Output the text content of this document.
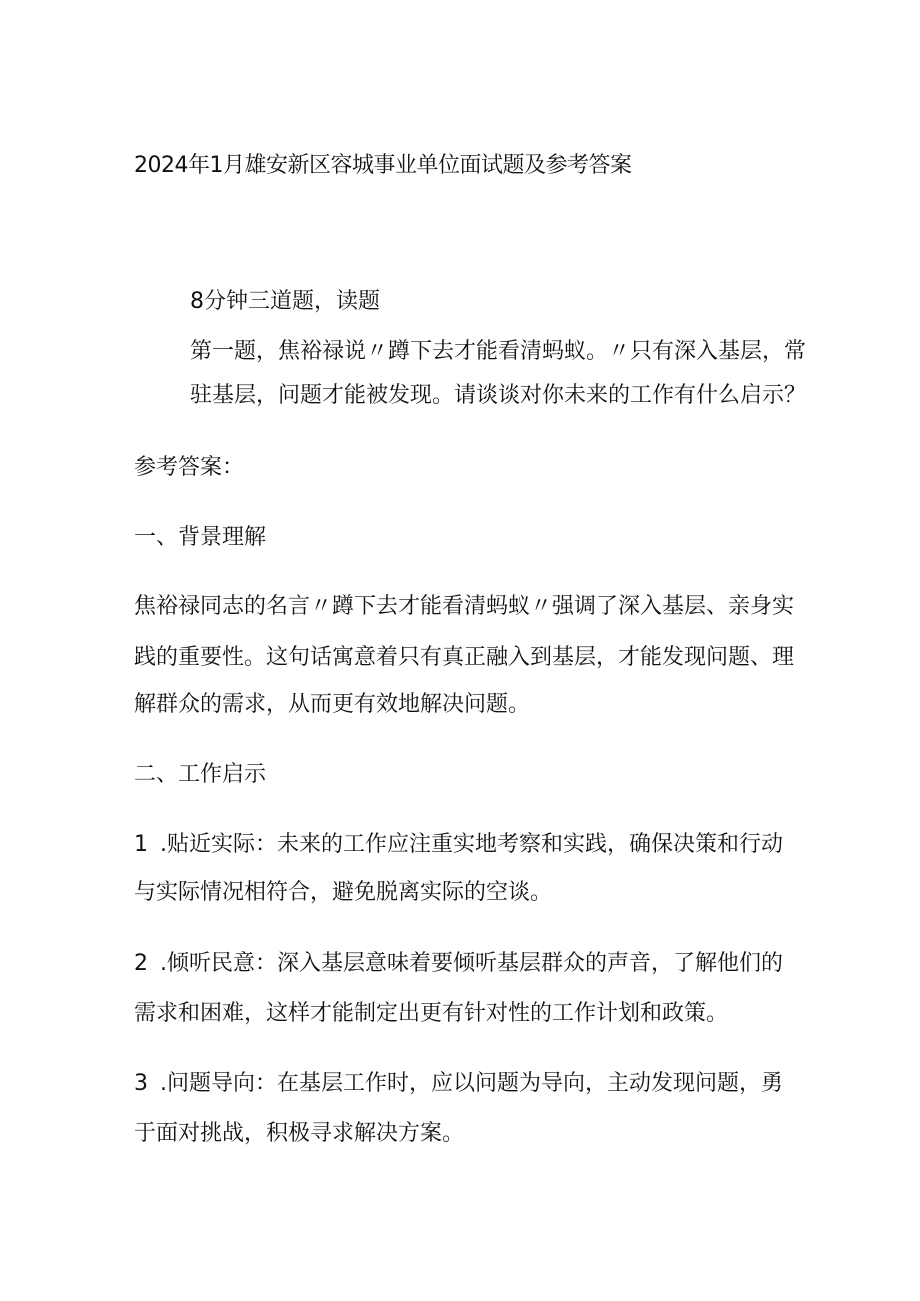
2024年1月雄安新区容城事业单位面试题及参考答案
8分钟三道题，读题
第一题，焦裕禄说〃蹲下去才能看清蚂蚁。〃只有深入基层，常
驻基层，问题才能被发现。请谈谈对你未来的工作有什么启示？
参考答案：
一、背景理解
焦裕禄同志的名言〃蹲下去才能看清蚂蚁〃强调了深入基层、亲身实
践的重要性。这句话寓意着只有真正融入到基层，才能发现问题、理
解群众的需求，从而更有效地解决问题。
二、工作启示
1 .贴近实际：未来的工作应注重实地考察和实践，确保决策和行动
与实际情况相符合，避免脱离实际的空谈。
2 .倾听民意：深入基层意味着要倾听基层群众的声音，了解他们的
需求和困难，这样才能制定出更有针对性的工作计划和政策。
3 .问题导向：在基层工作时，应以问题为导向，主动发现问题，勇
于面对挑战，积极寻求解决方案。
